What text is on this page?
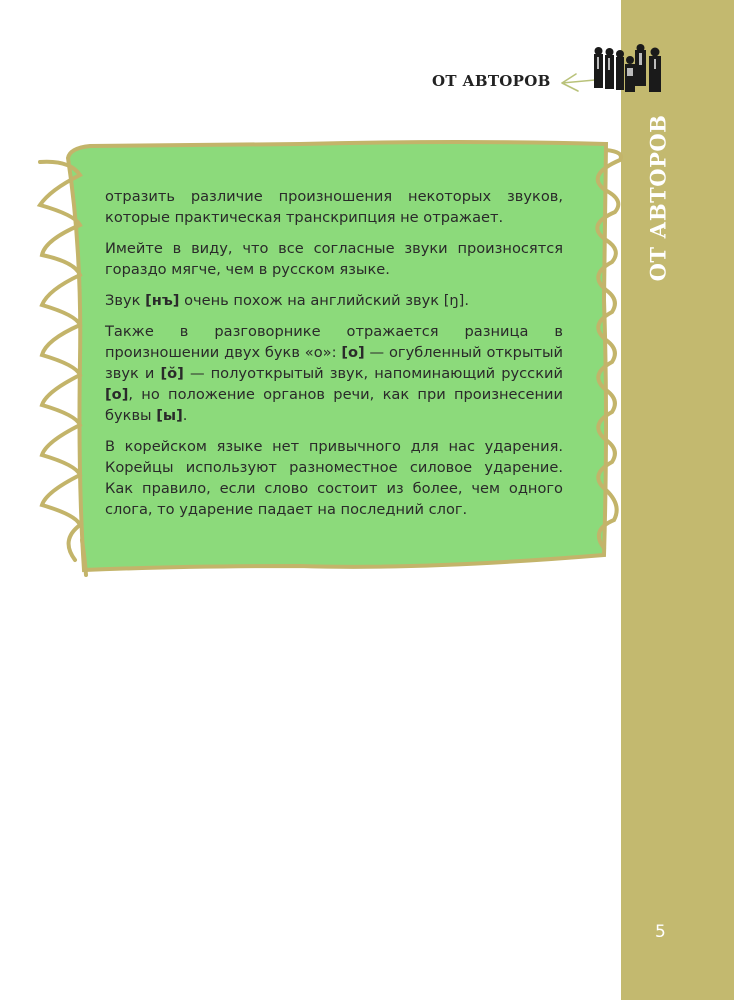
ОТ АВТОРОВ
5
ОТ АВТОРОВ

отразить различие произношения некоторых звуков, которые практическая транскрипция не отражает.

Имейте в виду, что все согласные звуки произносятся гораздо мягче, чем в русском языке.

Звук [нъ] очень похож на английский звук [ŋ].

Также в разговорнике отражается разница в произношении двух букв «о»: [о] — огубленный открытый звук и [ŏ] — полуоткрытый звук, напоминающий русский [о], но положение органов речи, как при произнесении буквы [ы].

В корейском языке нет привычного для нас ударения. Корейцы используют разноместное силовое ударение. Как правило, если слово состоит из более, чем одного слога, то ударение падает на последний слог.
